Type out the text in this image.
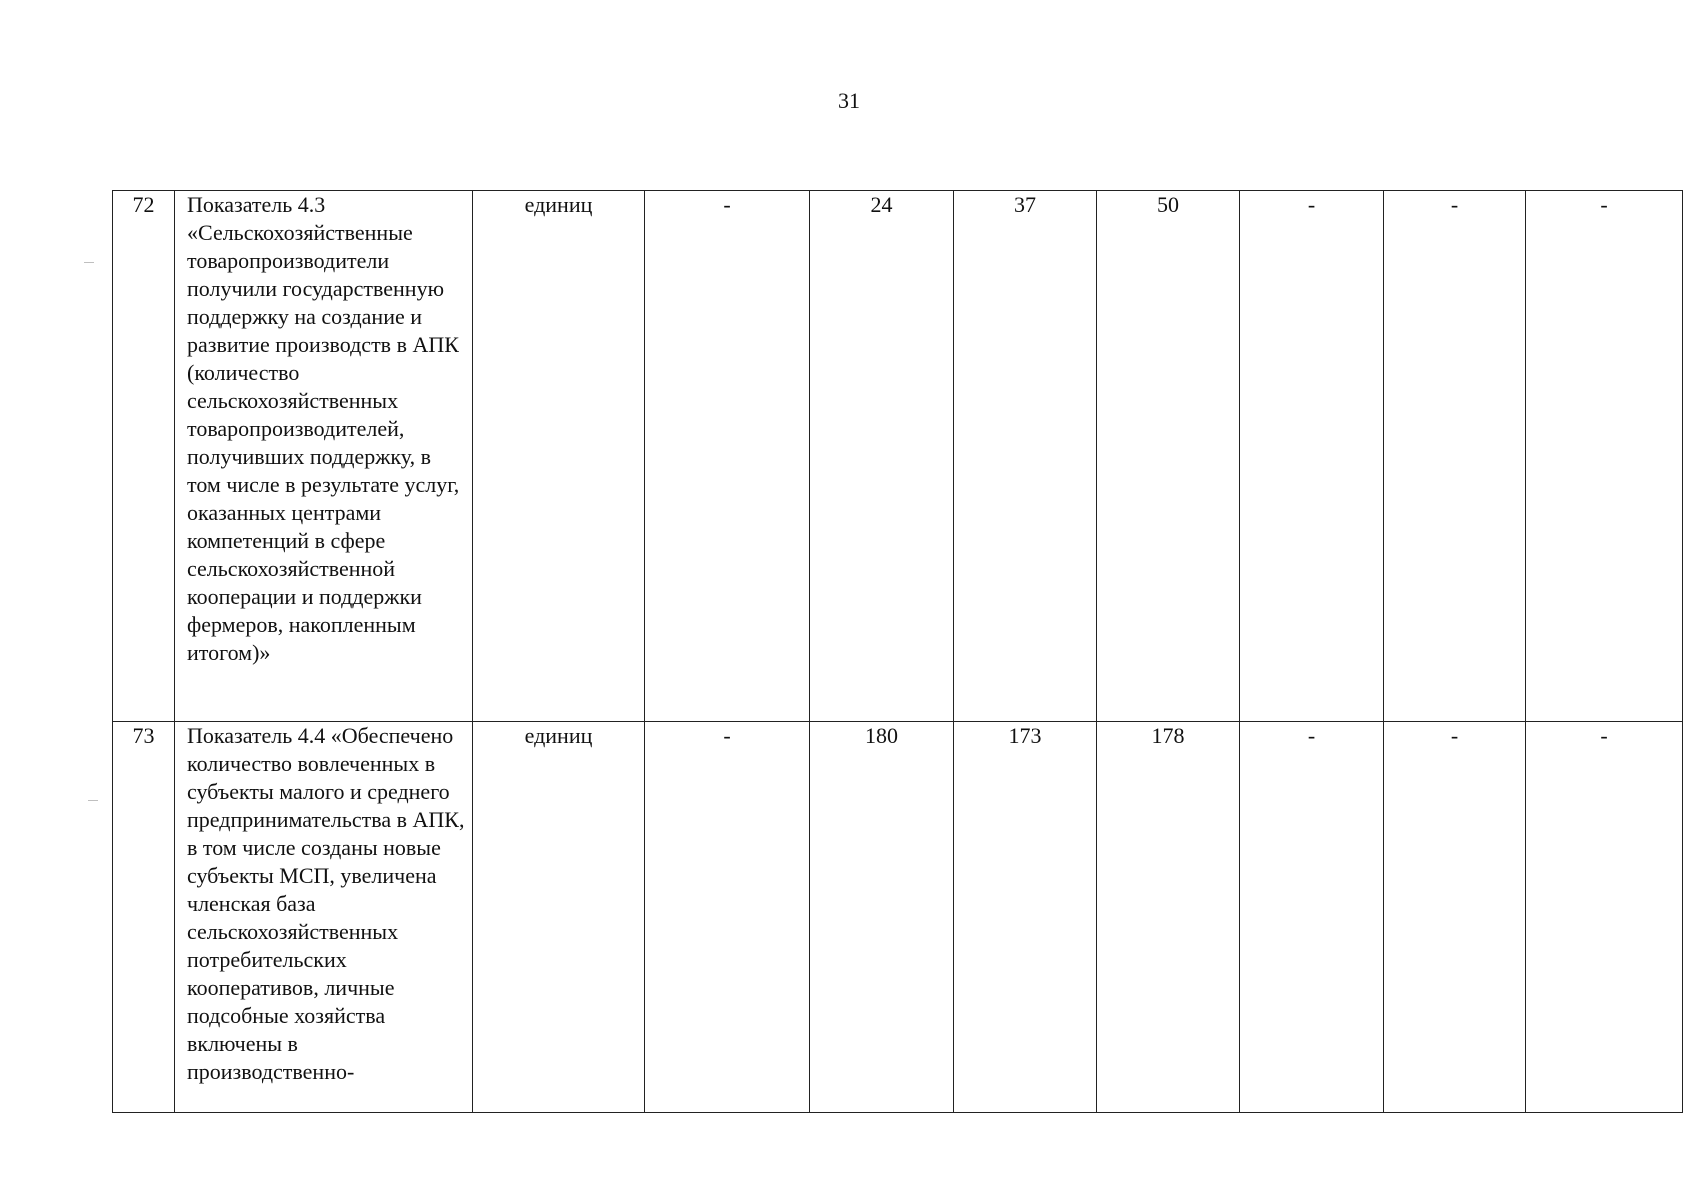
31
72	Показатель 4.3 «Сельскохозяйственные товаропроизводители получили государственную поддержку на создание и развитие производств в АПК (количество сельскохозяйственных товаропроизводителей, получивших поддержку, в том числе в результате услуг, оказанных центрами компетенций в сфере сельскохозяйственной кооперации и поддержки фермеров, накопленным итогом)»	единиц	-	24	37	50	-	-	-
73	Показатель 4.4 «Обеспечено количество вовлеченных в субъекты малого и среднего предпринимательства в АПК, в том числе созданы новые субъекты МСП, увеличена членская база сельскохозяйственных потребительских кооперативов, личные подсобные хозяйства включены в производственно-	единиц	-	180	173	178	-	-	-
